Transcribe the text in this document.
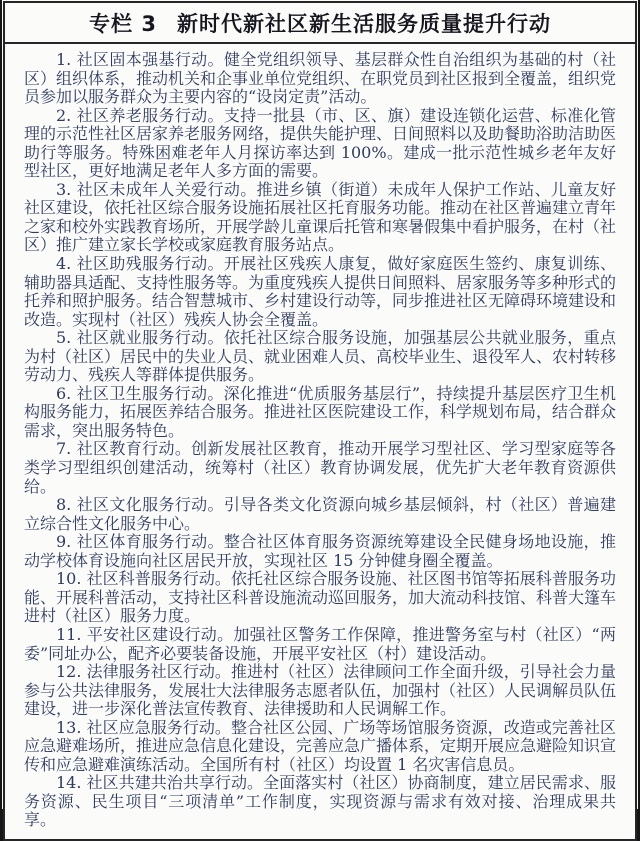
专栏 3 新时代新社区新生活服务质量提升行动

1. 社区固本强基行动。健全党组织领导、基层群众性自治组织为基础的村（社区）组织体系，推动机关和企事业单位党组织、在职党员到社区报到全覆盖，组织党员参加以服务群众为主要内容的“设岗定责”活动。

2. 社区养老服务行动。支持一批县（市、区、旗）建设连锁化运营、标准化管理的示范性社区居家养老服务网络，提供失能护理、日间照料以及助餐助浴助洁助医助行等服务。特殊困难老年人月探访率达到 100%。建成一批示范性城乡老年友好型社区，更好地满足老年人多方面的需要。

3. 社区未成年人关爱行动。推进乡镇（街道）未成年人保护工作站、儿童友好社区建设，依托社区综合服务设施拓展社区托育服务功能。推动在社区普遍建立青年之家和校外实践教育场所，开展学龄儿童课后托管和寒暑假集中看护服务，在村（社区）推广建立家长学校或家庭教育服务站点。

4. 社区助残服务行动。开展社区残疾人康复，做好家庭医生签约、康复训练、辅助器具适配、支持性服务等。为重度残疾人提供日间照料、居家服务等多种形式的托养和照护服务。结合智慧城市、乡村建设行动等，同步推进社区无障碍环境建设和改造。实现村（社区）残疾人协会全覆盖。

5. 社区就业服务行动。依托社区综合服务设施，加强基层公共就业服务，重点为村（社区）居民中的失业人员、就业困难人员、高校毕业生、退役军人、农村转移劳动力、残疾人等群体提供服务。

6. 社区卫生服务行动。深化推进“优质服务基层行”，持续提升基层医疗卫生机构服务能力，拓展医养结合服务。推进社区医院建设工作，科学规划布局，结合群众需求，突出服务特色。

7. 社区教育行动。创新发展社区教育，推动开展学习型社区、学习型家庭等各类学习型组织创建活动，统筹村（社区）教育协调发展，优先扩大老年教育资源供给。

8. 社区文化服务行动。引导各类文化资源向城乡基层倾斜，村（社区）普遍建立综合性文化服务中心。

9. 社区体育服务行动。整合社区体育服务资源统筹建设全民健身场地设施，推动学校体育设施向社区居民开放，实现社区 15 分钟健身圈全覆盖。

10. 社区科普服务行动。依托社区综合服务设施、社区图书馆等拓展科普服务功能、开展科普活动，支持社区科普设施流动巡回服务，加大流动科技馆、科普大篷车进村（社区）服务力度。

11. 平安社区建设行动。加强社区警务工作保障，推进警务室与村（社区）“两委”同址办公，配齐必要装备设施，开展平安社区（村）建设活动。

12. 法律服务社区行动。推进村（社区）法律顾问工作全面升级，引导社会力量参与公共法律服务，发展壮大法律服务志愿者队伍，加强村（社区）人民调解员队伍建设，进一步深化普法宣传教育、法律援助和人民调解工作。

13. 社区应急服务行动。整合社区公园、广场等场馆服务资源，改造或完善社区应急避难场所，推进应急信息化建设，完善应急广播体系，定期开展应急避险知识宣传和应急避难演练活动。全国所有村（社区）均设置 1 名灾害信息员。

14. 社区共建共治共享行动。全面落实村（社区）协商制度，建立居民需求、服务资源、民生项目“三项清单”工作制度，实现资源与需求有效对接、治理成果共享。
